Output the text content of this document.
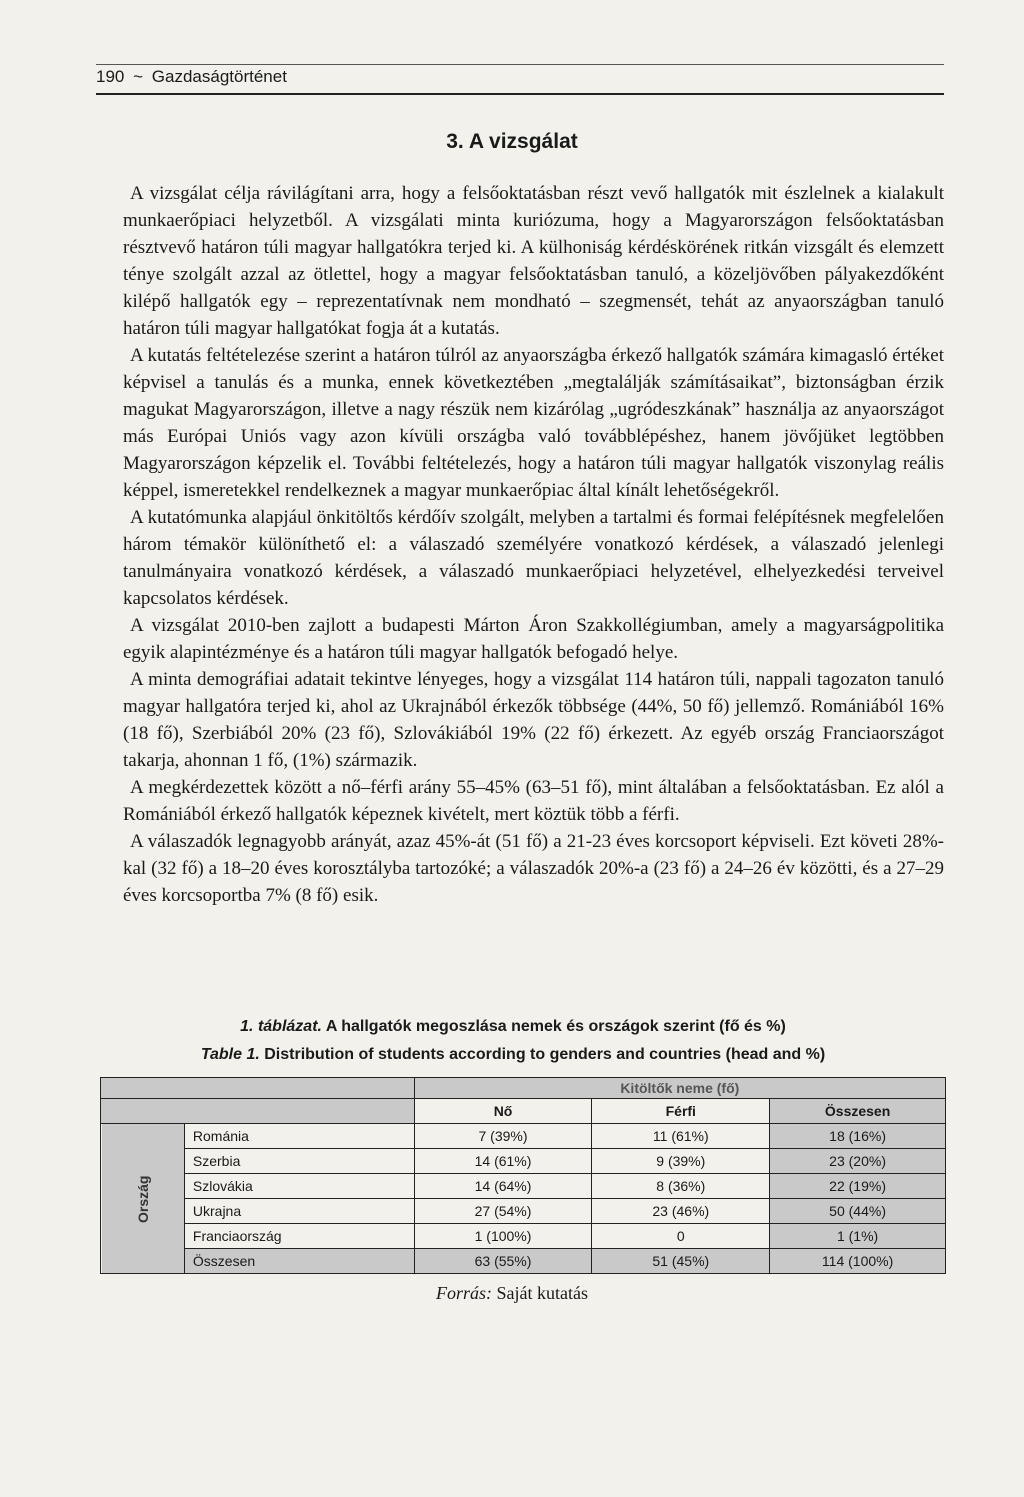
190 ~ Gazdaságtörténet
3. A vizsgálat

A vizsgálat célja rávilágítani arra, hogy a felsőoktatásban részt vevő hallgatók mit észlelnek a kialakult munkaerőpiaci helyzetből. A vizsgálati minta kuriózuma, hogy a Magyarországon felsőoktatásban résztvevő határon túli magyar hallgatókra terjed ki. A külhoniság kérdéskörének ritkán vizsgált és elemzett ténye szolgált azzal az ötlettel, hogy a magyar felsőoktatásban tanuló, a közeljövőben pályakezdőként kilépő hallgatók egy – reprezentatívnak nem mondható – szegmensét, tehát az anyaországban tanuló határon túli magyar hallgatókat fogja át a kutatás.

A kutatás feltételezése szerint a határon túlról az anyaországba érkező hallgatók számára kimagasló értéket képvisel a tanulás és a munka, ennek következtében „megtalálják számításaikat”, biztonságban érzik magukat Magyarországon, illetve a nagy részük nem kizárólag „ugródeszkának” használja az anyaországot más Európai Uniós vagy azon kívüli országba való továbblépéshez, hanem jövőjüket legtöbben Magyarországon képzelik el. További feltételezés, hogy a határon túli magyar hallgatók viszonylag reális képpel, ismeretekkel rendelkeznek a magyar munkaerőpiac által kínált lehetőségekről.

A kutatómunka alapjául önkitöltős kérdőív szolgált, melyben a tartalmi és formai felépítésnek megfelelően három témakör különíthető el: a válaszadó személyére vonatkozó kérdések, a válaszadó jelenlegi tanulmányaira vonatkozó kérdések, a válaszadó munkaerőpiaci helyzetével, elhelyezkedési terveivel kapcsolatos kérdések.

A vizsgálat 2010-ben zajlott a budapesti Márton Áron Szakkollégiumban, amely a magyarságpolitika egyik alapintézménye és a határon túli magyar hallgatók befogadó helye.

A minta demográfiai adatait tekintve lényeges, hogy a vizsgálat 114 határon túli, nappali tagozaton tanuló magyar hallgatóra terjed ki, ahol az Ukrajnából érkezők többsége (44%, 50 fő) jellemző. Romániából 16% (18 fő), Szerbiából 20% (23 fő), Szlovákiából 19% (22 fő) érkezett. Az egyéb ország Franciaországot takarja, ahonnan 1 fő, (1%) származik.

A megkérdezettek között a nő–férfi arány 55–45% (63–51 fő), mint általában a felsőoktatásban. Ez alól a Romániából érkező hallgatók képeznek kivételt, mert köztük több a férfi.

A válaszadók legnagyobb arányát, azaz 45%-át (51 fő) a 21-23 éves korcsoport képviseli. Ezt követi 28%-kal (32 fő) a 18–20 éves korosztályba tartozóké; a válaszadók 20%-a (23 fő) a 24–26 év közötti, és a 27–29 éves korcsoportba 7% (8 fő) esik.

1. táblázat. A hallgatók megoszlása nemek és országok szerint (fő és %)
Table 1. Distribution of students according to genders and countries (head and %)
		Kitöltők neme (fő)		
		Nő	Férfi	Összesen
Ország	Románia	7 (39%)	11 (61%)	18 (16%)
	Szerbia	14 (61%)	9 (39%)	23 (20%)
	Szlovákia	14 (64%)	8 (36%)	22 (19%)
	Ukrajna	27 (54%)	23 (46%)	50 (44%)
	Franciaország	1 (100%)	0	1 (1%)
	Összesen	63 (55%)	51 (45%)	114 (100%)
Forrás: Saját kutatás
